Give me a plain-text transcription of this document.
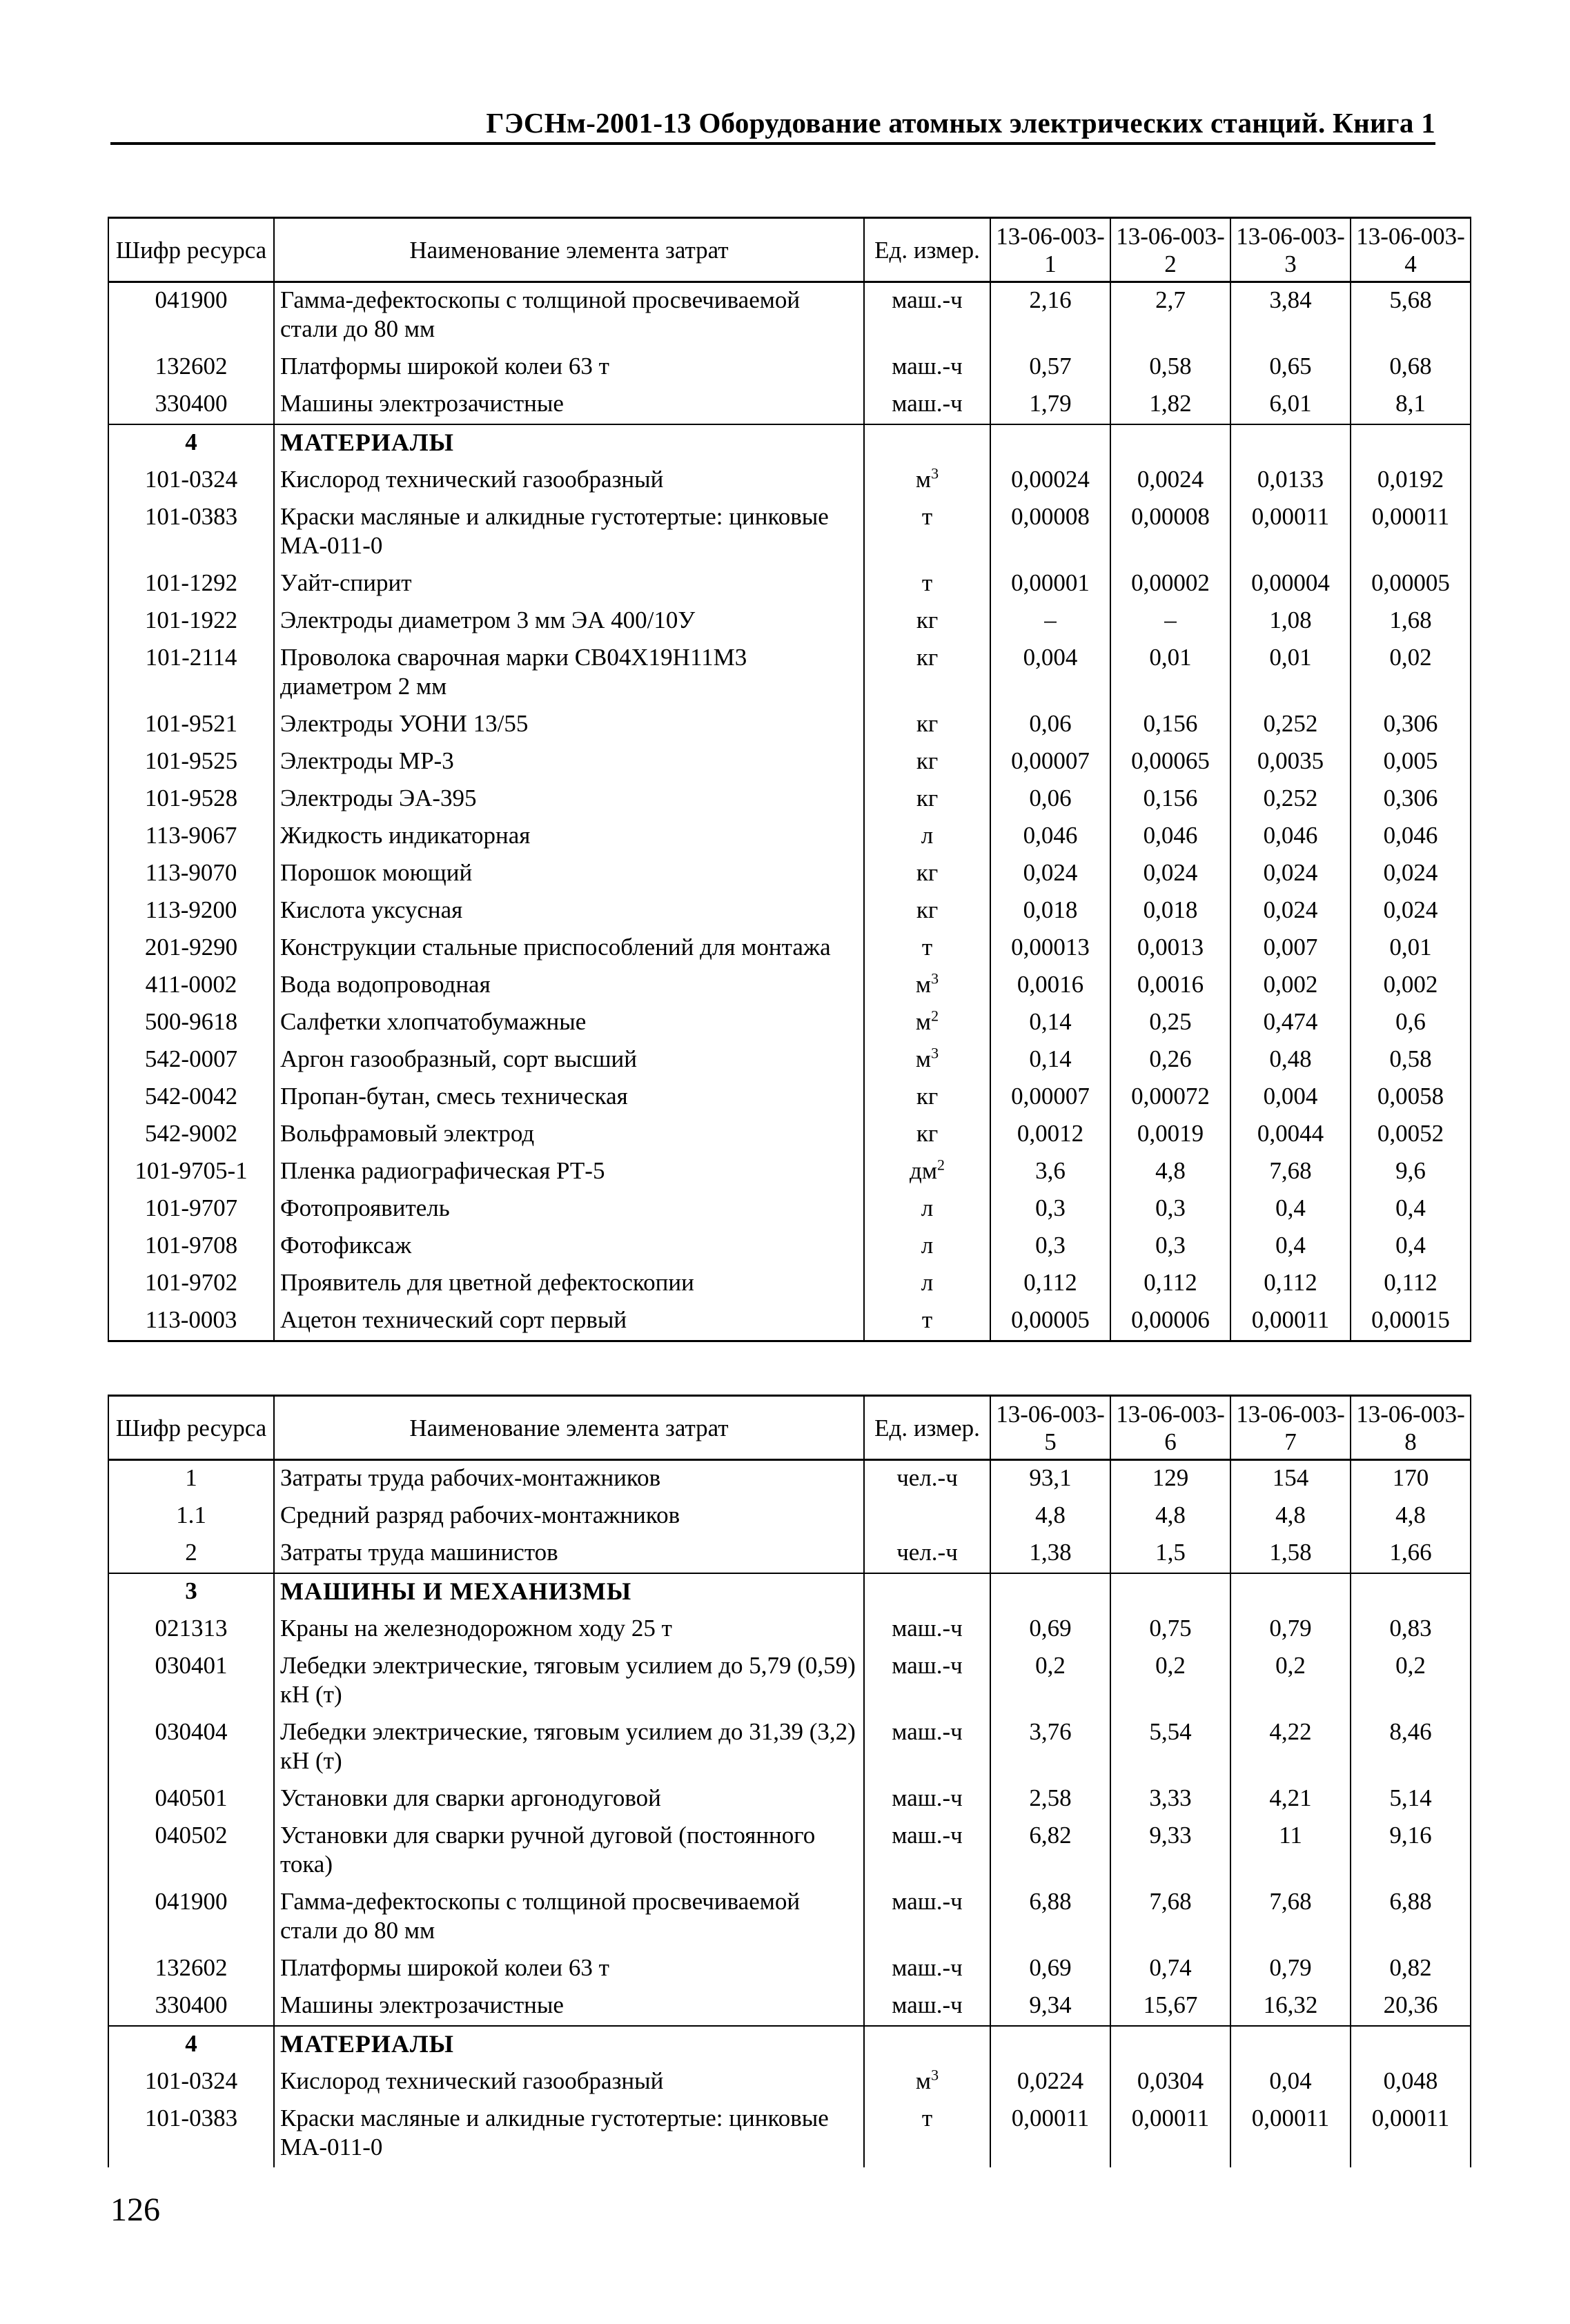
ГЭСНм-2001-13 Оборудование атомных электрических станций. Книга 1
Шифр ресурса	Наименование элемента затрат	Ед. измер.	13-06-003-1	13-06-003-2	13-06-003-3	13-06-003-4
041900	Гамма-дефектоскопы с толщиной просвечиваемой стали до 80 мм	маш.-ч	2,16	2,7	3,84	5,68
132602	Платформы широкой колеи 63 т	маш.-ч	0,57	0,58	0,65	0,68
330400	Машины электрозачистные	маш.-ч	1,79	1,82	6,01	8,1
4	МАТЕРИАЛЫ					
101-0324	Кислород технический газообразный	$м^3$	0,00024	0,0024	0,0133	0,0192
101-0383	Краски масляные и алкидные густотертые: цинковые МА-011-0	т	0,00008	0,00008	0,00011	0,00011
101-1292	Уайт-спирит	т	0,00001	0,00002	0,00004	0,00005
101-1922	Электроды диаметром 3 мм ЭА 400/10У	кг	–	–	1,08	1,68
101-2114	Проволока сварочная марки СВ04Х19Н11М3 диаметром 2 мм	кг	0,004	0,01	0,01	0,02
101-9521	Электроды УОНИ 13/55	кг	0,06	0,156	0,252	0,306
101-9525	Электроды МР-3	кг	0,00007	0,00065	0,0035	0,005
101-9528	Электроды ЭА-395	кг	0,06	0,156	0,252	0,306
113-9067	Жидкость индикаторная	л	0,046	0,046	0,046	0,046
113-9070	Порошок моющий	кг	0,024	0,024	0,024	0,024
113-9200	Кислота уксусная	кг	0,018	0,018	0,024	0,024
201-9290	Конструкции стальные приспособлений для монтажа	т	0,00013	0,0013	0,007	0,01
411-0002	Вода водопроводная	$м^3$	0,0016	0,0016	0,002	0,002
500-9618	Салфетки хлопчатобумажные	$м^2$	0,14	0,25	0,474	0,6
542-0007	Аргон газообразный, сорт высший	$м^3$	0,14	0,26	0,48	0,58
542-0042	Пропан-бутан, смесь техническая	кг	0,00007	0,00072	0,004	0,0058
542-9002	Вольфрамовый электрод	кг	0,0012	0,0019	0,0044	0,0052
101-9705-1	Пленка радиографическая РТ-5	$дм^2$	3,6	4,8	7,68	9,6
101-9707	Фотопроявитель	л	0,3	0,3	0,4	0,4
101-9708	Фотофиксаж	л	0,3	0,3	0,4	0,4
101-9702	Проявитель для цветной дефектоскопии	л	0,112	0,112	0,112	0,112
113-0003	Ацетон технический сорт первый	т	0,00005	0,00006	0,00011	0,00015
Шифр ресурса	Наименование элемента затрат	Ед. измер.	13-06-003-5	13-06-003-6	13-06-003-7	13-06-003-8
1	Затраты труда рабочих-монтажников	чел.-ч	93,1	129	154	170
1.1	Средний разряд рабочих-монтажников		4,8	4,8	4,8	4,8
2	Затраты труда машинистов	чел.-ч	1,38	1,5	1,58	1,66
3	МАШИНЫ И МЕХАНИЗМЫ					
021313	Краны на железнодорожном ходу 25 т	маш.-ч	0,69	0,75	0,79	0,83
030401	Лебедки электрические, тяговым усилием до 5,79 (0,59) кН (т)	маш.-ч	0,2	0,2	0,2	0,2
030404	Лебедки электрические, тяговым усилием до 31,39 (3,2) кН (т)	маш.-ч	3,76	5,54	4,22	8,46
040501	Установки для сварки аргонодуговой	маш.-ч	2,58	3,33	4,21	5,14
040502	Установки для сварки ручной дуговой (постоянного тока)	маш.-ч	6,82	9,33	11	9,16
041900	Гамма-дефектоскопы с толщиной просвечиваемой стали до 80 мм	маш.-ч	6,88	7,68	7,68	6,88
132602	Платформы широкой колеи 63 т	маш.-ч	0,69	0,74	0,79	0,82
330400	Машины электрозачистные	маш.-ч	9,34	15,67	16,32	20,36
4	МАТЕРИАЛЫ					
101-0324	Кислород технический газообразный	$м^3$	0,0224	0,0304	0,04	0,048
101-0383	Краски масляные и алкидные густотертые: цинковые МА-011-0	т	0,00011	0,00011	0,00011	0,00011
126
